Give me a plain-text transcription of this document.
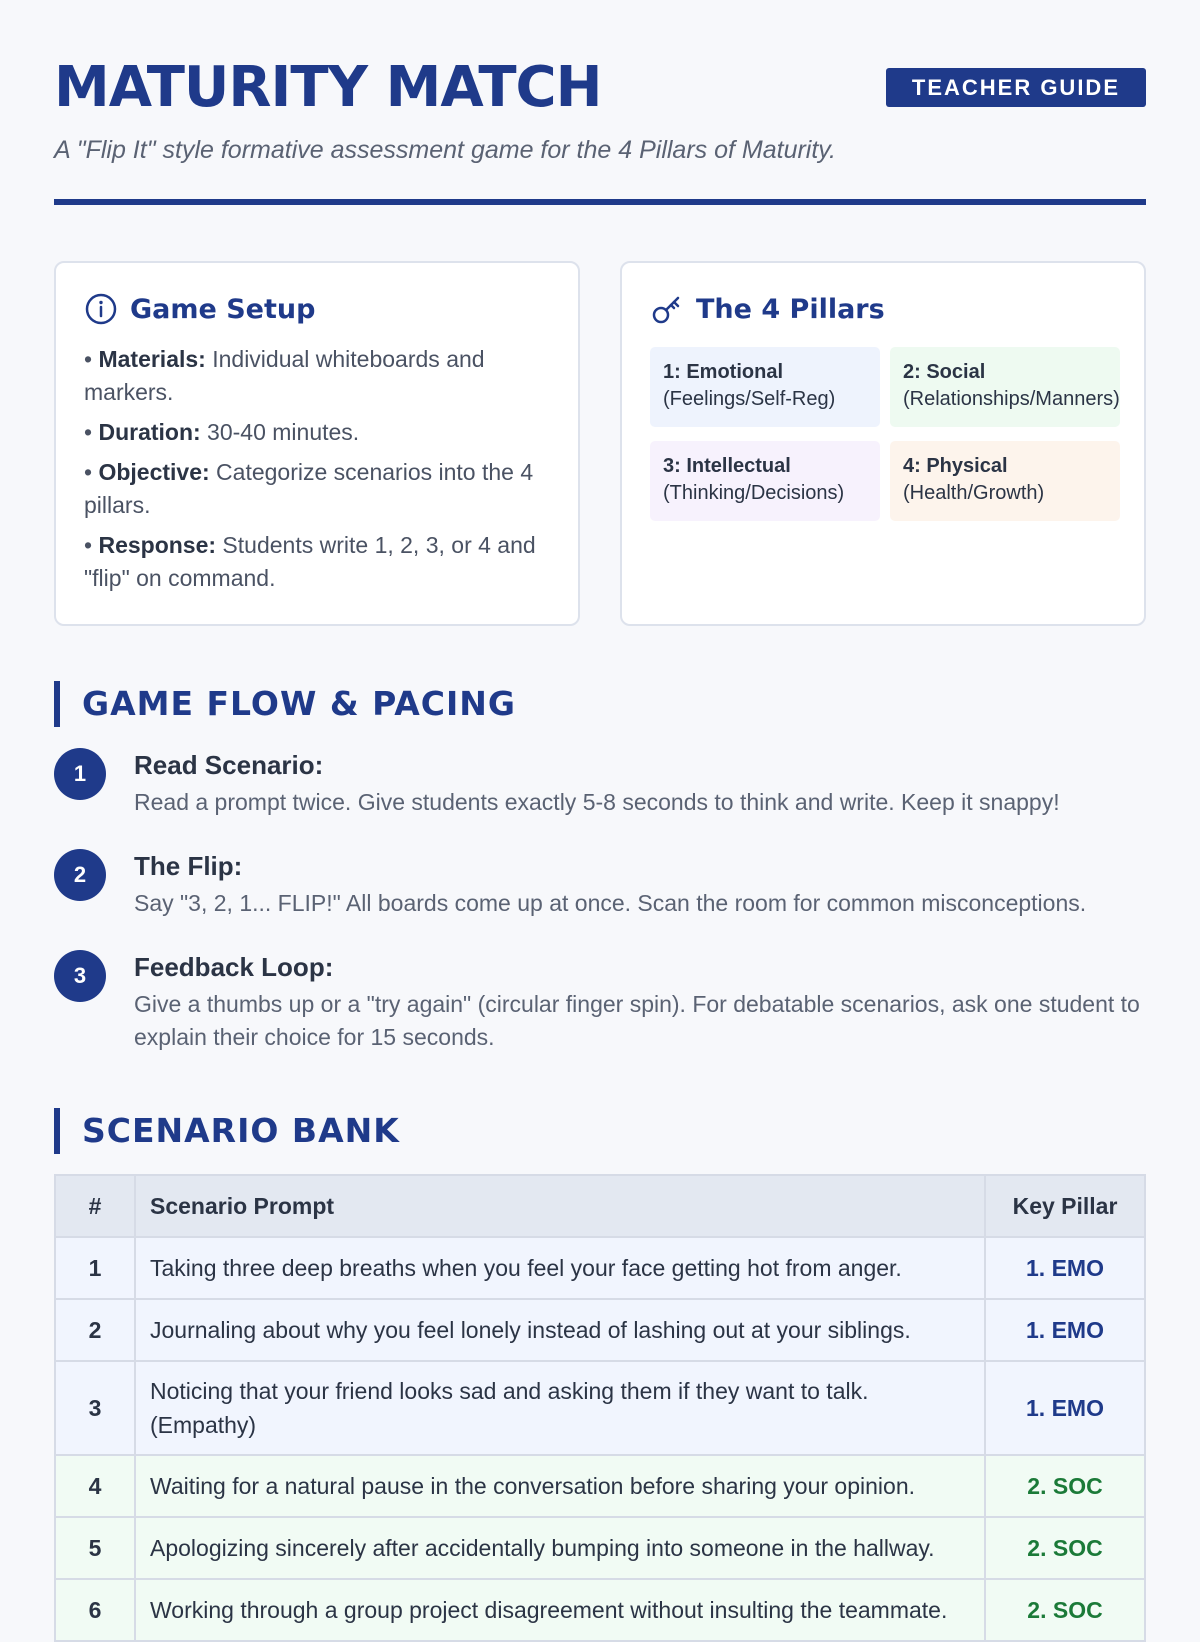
MATURITY MATCH	TEACHER GUIDE

A "Flip It" style formative assessment game for the 4 Pillars of Maturity.

Game Setup
• Materials: Individual whiteboards and markers.
• Duration: 30-40 minutes.
• Objective: Categorize scenarios into the 4 pillars.
• Response: Students write 1, 2, 3, or 4 and "flip" on command.
The 4 Pillars
1: Emotional
(Feelings/Self-Reg)
2: Social
(Relationships/Manners)
3: Intellectual
(Thinking/Decisions)
4: Physical
(Health/Growth)
GAME FLOW & PACING
1	Read Scenario:
Read a prompt twice. Give students exactly 5-8 seconds to think and write. Keep it snappy!
2	The Flip:
Say "3, 2, 1... FLIP!" All boards come up at once. Scan the room for common misconceptions.
3	Feedback Loop:
Give a thumbs up or a "try again" (circular finger spin). For debatable scenarios, ask one student to explain their choice for 15 seconds.
SCENARIO BANK
#	Scenario Prompt	Key Pillar
1	Taking three deep breaths when you feel your face getting hot from anger.	1. EMO
2	Journaling about why you feel lonely instead of lashing out at your siblings.	1. EMO
3	Noticing that your friend looks sad and asking them if they want to talk. (Empathy)	1. EMO
4	Waiting for a natural pause in the conversation before sharing your opinion.	2. SOC
5	Apologizing sincerely after accidentally bumping into someone in the hallway.	2. SOC
6	Working through a group project disagreement without insulting the teammate.	2. SOC
